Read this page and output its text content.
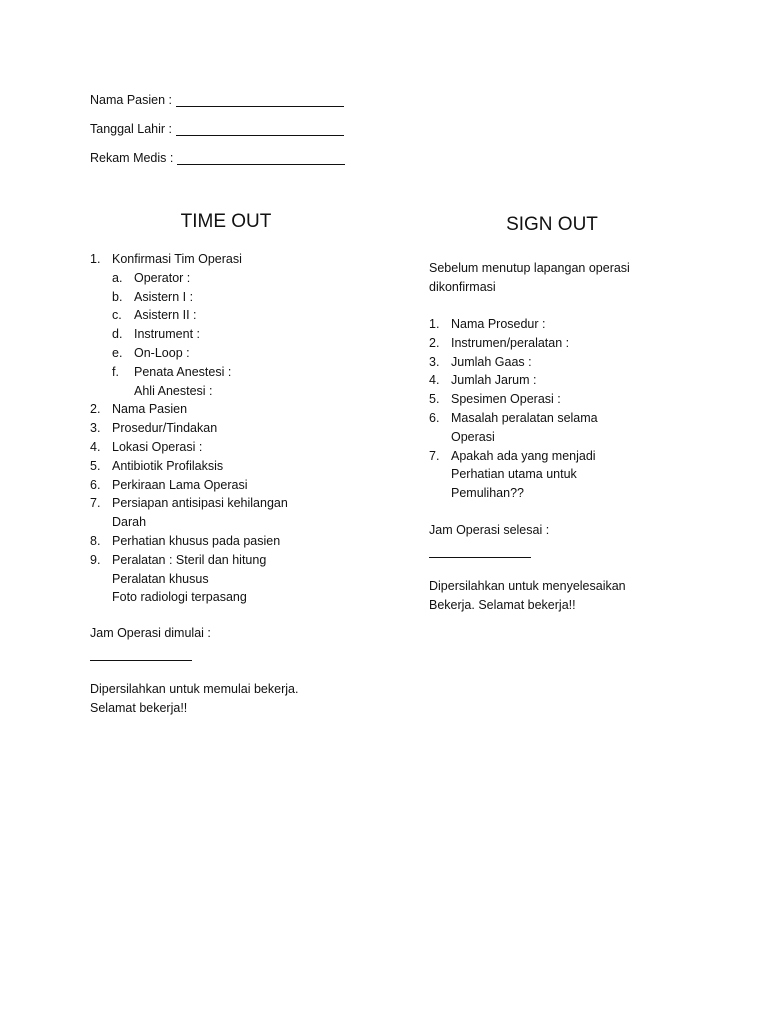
Nama Pasien :
Tanggal Lahir :
Rekam Medis :
TIME OUT
1. Konfirmasi Tim Operasi
a. Operator :
b. Asistern I :
c. Asistern II :
d. Instrument :
e. On-Loop :
f. Penata Anestesi :
Ahli Anestesi :
2. Nama Pasien
3. Prosedur/Tindakan
4. Lokasi Operasi :
5. Antibiotik Profilaksis
6. Perkiraan Lama Operasi
7. Persiapan antisipasi kehilangan
Darah
8. Perhatian khusus pada pasien
9. Peralatan : Steril dan hitung
Peralatan khusus
Foto radiologi terpasang
Jam Operasi dimulai :
Dipersilahkan untuk memulai bekerja.
Selamat bekerja!!
SIGN OUT
Sebelum menutup lapangan operasi
dikonfirmasi
1. Nama Prosedur :
2. Instrumen/peralatan :
3. Jumlah Gaas :
4. Jumlah Jarum :
5. Spesimen Operasi :
6. Masalah peralatan selama
Operasi
7. Apakah ada yang menjadi
Perhatian utama untuk
Pemulihan??
Jam Operasi selesai :
Dipersilahkan untuk menyelesaikan
Bekerja. Selamat bekerja!!
